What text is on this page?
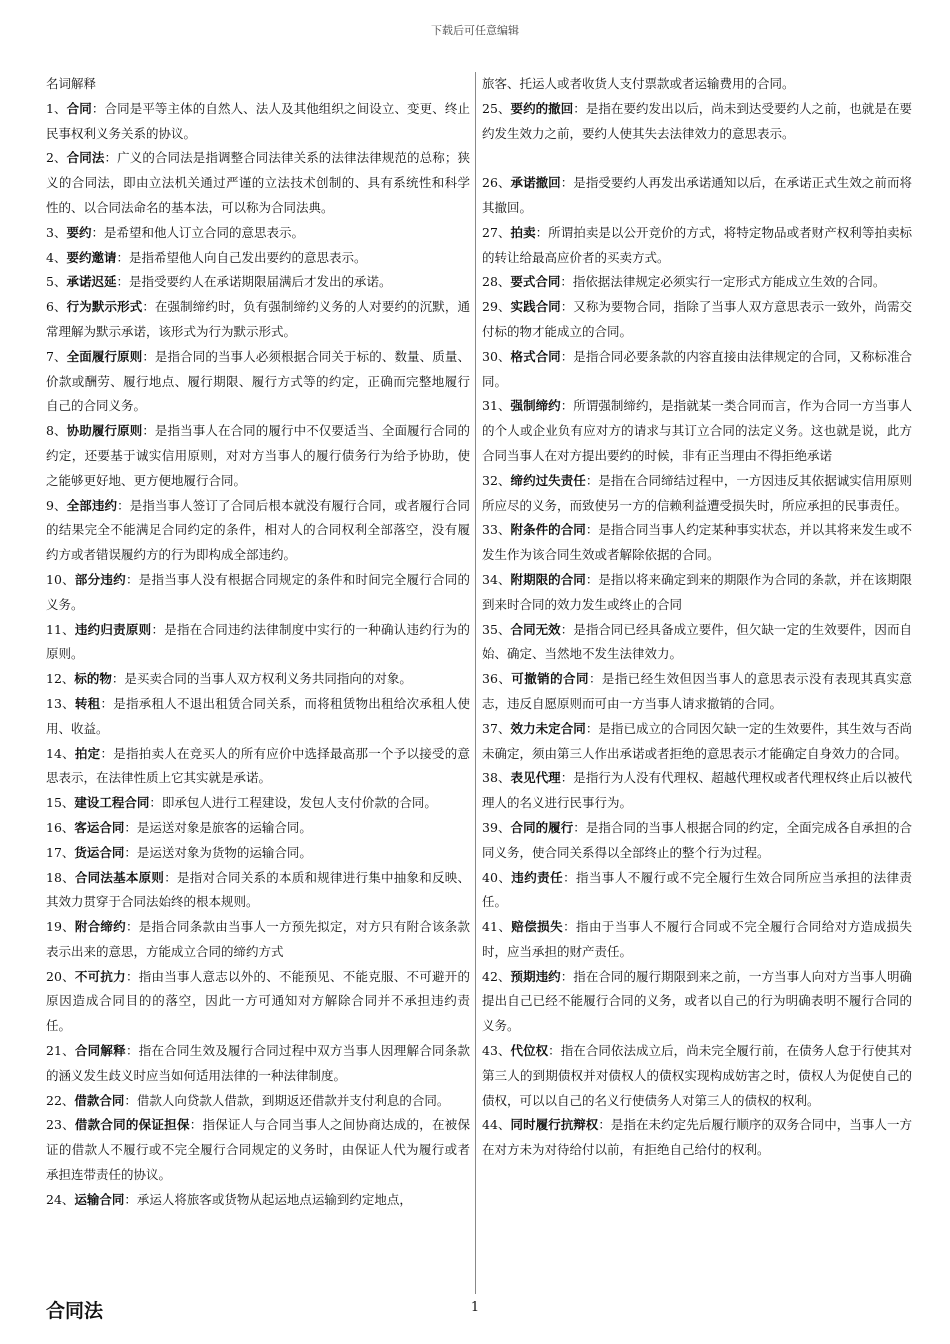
下载后可任意编辑

名词解释

1、合同：合同是平等主体的自然人、法人及其他组织之间设立、变更、终止民事权利义务关系的协议。

2、合同法：广义的合同法是指调整合同法律关系的法律法律规范的总称；狭义的合同法，即由立法机关通过严谨的立法技术创制的、具有系统性和科学性的、以合同法命名的基本法，可以称为合同法典。

3、要约：是希望和他人订立合同的意思表示。

4、要约邀请：是指希望他人向自己发出要约的意思表示。

5、承诺迟延：是指受要约人在承诺期限届满后才发出的承诺。

6、行为默示形式：在强制缔约时，负有强制缔约义务的人对要约的沉默，通常理解为默示承诺，该形式为行为默示形式。

7、全面履行原则：是指合同的当事人必须根据合同关于标的、数量、质量、价款或酬劳、履行地点、履行期限、履行方式等的约定，正确而完整地履行自己的合同义务。

8、协助履行原则：是指当事人在合同的履行中不仅要适当、全面履行合同的约定，还要基于诚实信用原则，对对方当事人的履行债务行为给予协助，使之能够更好地、更方便地履行合同。

9、全部违约：是指当事人签订了合同后根本就没有履行合同，或者履行合同的结果完全不能满足合同约定的条件，相对人的合同权利全部落空，没有履约方或者错误履约方的行为即构成全部违约。

10、部分违约：是指当事人没有根据合同规定的条件和时间完全履行合同的义务。

11、违约归责原则：是指在合同违约法律制度中实行的一种确认违约行为的原则。

12、标的物：是买卖合同的当事人双方权利义务共同指向的对象。

13、转租：是指承租人不退出租赁合同关系，而将租赁物出租给次承租人使用、收益。

14、拍定：是指拍卖人在竞买人的所有应价中选择最高那一个予以接受的意思表示，在法律性质上它其实就是承诺。

15、建设工程合同：即承包人进行工程建设，发包人支付价款的合同。

16、客运合同：是运送对象是旅客的运输合同。

17、货运合同：是运送对象为货物的运输合同。

18、合同法基本原则：是指对合同关系的本质和规律进行集中抽象和反映、其效力贯穿于合同法始终的根本规则。

19、附合缔约：是指合同条款由当事人一方预先拟定，对方只有附合该条款表示出来的意思，方能成立合同的缔约方式

20、不可抗力：指由当事人意志以外的、不能预见、不能克服、不可避开的原因造成合同目的的落空，因此一方可通知对方解除合同并不承担违约责任。

21、合同解释：指在合同生效及履行合同过程中双方当事人因理解合同条款的涵义发生歧义时应当如何适用法律的一种法律制度。

22、借款合同：借款人向贷款人借款，到期返还借款并支付利息的合同。

23、借款合同的保证担保：指保证人与合同当事人之间协商达成的，在被保证的借款人不履行或不完全履行合同规定的义务时，由保证人代为履行或者承担连带责任的协议。

24、运输合同：承运人将旅客或货物从起运地点运输到约定地点，

旅客、托运人或者收货人支付票款或者运输费用的合同。

25、要约的撤回：是指在要约发出以后，尚未到达受要约人之前，也就是在要约发生效力之前，要约人使其失去法律效力的意思表示。

26、承诺撤回：是指受要约人再发出承诺通知以后，在承诺正式生效之前而将其撤回。

27、拍卖：所谓拍卖是以公开竞价的方式，将特定物品或者财产权利等拍卖标的转让给最高应价者的买卖方式。

28、要式合同：指依据法律规定必须实行一定形式方能成立生效的合同。

29、实践合同：又称为要物合同，指除了当事人双方意思表示一致外，尚需交付标的物才能成立的合同。

30、格式合同：是指合同必要条款的内容直接由法律规定的合同，又称标准合同。

31、强制缔约：所谓强制缔约，是指就某一类合同而言，作为合同一方当事人的个人或企业负有应对方的请求与其订立合同的法定义务。这也就是说，此方合同当事人在对方提出要约的时候，非有正当理由不得拒绝承诺

32、缔约过失责任：是指在合同缔结过程中，一方因违反其依据诚实信用原则所应尽的义务，而致使另一方的信赖利益遭受损失时，所应承担的民事责任。

33、附条件的合同：是指合同当事人约定某种事实状态，并以其将来发生或不发生作为该合同生效或者解除依据的合同。

34、附期限的合同：是指以将来确定到来的期限作为合同的条款，并在该期限到来时合同的效力发生或终止的合同

35、合同无效：是指合同已经具备成立要件，但欠缺一定的生效要件，因而自始、确定、当然地不发生法律效力。

36、可撤销的合同：是指已经生效但因当事人的意思表示没有表现其真实意志，违反自愿原则而可由一方当事人请求撤销的合同。

37、效力未定合同：是指已成立的合同因欠缺一定的生效要件，其生效与否尚未确定，须由第三人作出承诺或者拒绝的意思表示才能确定自身效力的合同。

38、表见代理：是指行为人没有代理权、超越代理权或者代理权终止后以被代理人的名义进行民事行为。

39、合同的履行：是指合同的当事人根据合同的约定，全面完成各自承担的合同义务，使合同关系得以全部终止的整个行为过程。

40、违约责任：指当事人不履行或不完全履行生效合同所应当承担的法律责任。

41、赔偿损失：指由于当事人不履行合同或不完全履行合同给对方造成损失时，应当承担的财产责任。

42、预期违约：指在合同的履行期限到来之前，一方当事人向对方当事人明确提出自己已经不能履行合同的义务，或者以自己的行为明确表明不履行合同的义务。

43、代位权：指在合同依法成立后，尚未完全履行前，在债务人怠于行使其对第三人的到期债权并对债权人的债权实现构成妨害之时，债权人为促使自己的债权，可以以自己的名义行使债务人对第三人的债权的权利。

44、同时履行抗辩权：是指在未约定先后履行顺序的双务合同中，当事人一方在对方未为对待给付以前，有拒绝自己给付的权利。

合同法	1
